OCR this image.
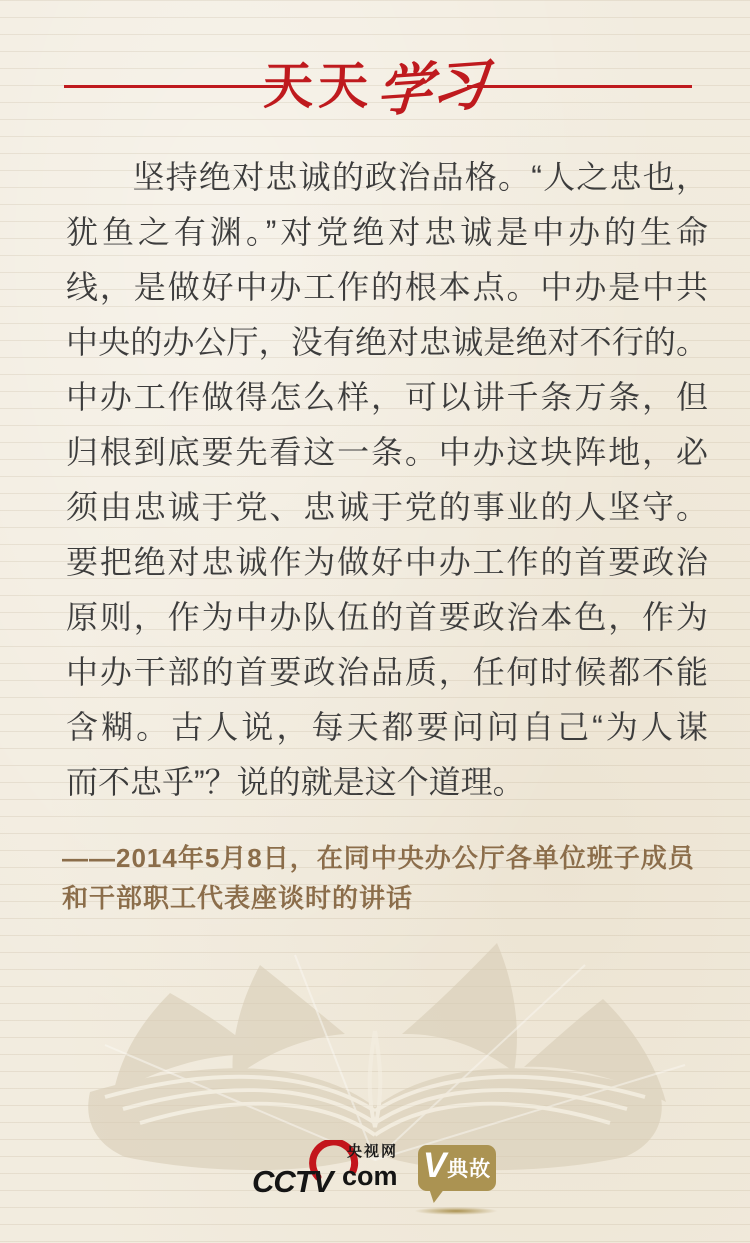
天天 学习
　　坚持绝对忠诚的政治品格。“人之忠也，
犹鱼之有渊。”对党绝对忠诚是中办的生命
线，是做好中办工作的根本点。中办是中共
中央的办公厅，没有绝对忠诚是绝对不行的。
中办工作做得怎么样，可以讲千条万条，但
归根到底要先看这一条。中办这块阵地，必
须由忠诚于党、忠诚于党的事业的人坚守。
要把绝对忠诚作为做好中办工作的首要政治
原则，作为中办队伍的首要政治本色，作为
中办干部的首要政治品质，任何时候都不能
含糊。古人说，每天都要问问自己“为人谋
而不忠乎”？说的就是这个道理。
——2014年5月8日，在同中央办公厅各单位班子成员
和干部职工代表座谈时的讲话
CCTV
央视网
com V 典故
